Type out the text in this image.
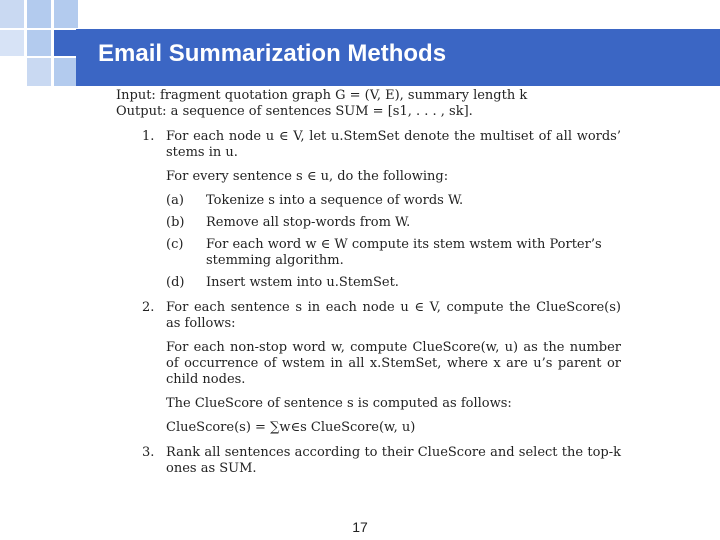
Email Summarization Methods
Input: fragment quotation graph G = (V, E), summary length k
Output: a sequence of sentences SUM = [s1, . . . , sk].
1. For each node u ∈ V, let u.StemSet denote the multiset of all words’ stems in u.
For every sentence s ∈ u, do the following:
(a) Tokenize s into a sequence of words W.
(b) Remove all stop-words from W.
(c) For each word w ∈ W compute its stem wstem with Porter’s stemming algorithm.
(d) Insert wstem into u.StemSet.
2. For each sentence s in each node u ∈ V, compute the ClueScore(s) as follows:
For each non-stop word w, compute ClueScore(w, u) as the number of occurrence of wstem in all x.StemSet, where x are u’s parent or child nodes.
The ClueScore of sentence s is computed as follows:
ClueScore(s) = ∑w∈s ClueScore(w, u)
3. Rank all sentences according to their ClueScore and select the top-k ones as SUM.
17
